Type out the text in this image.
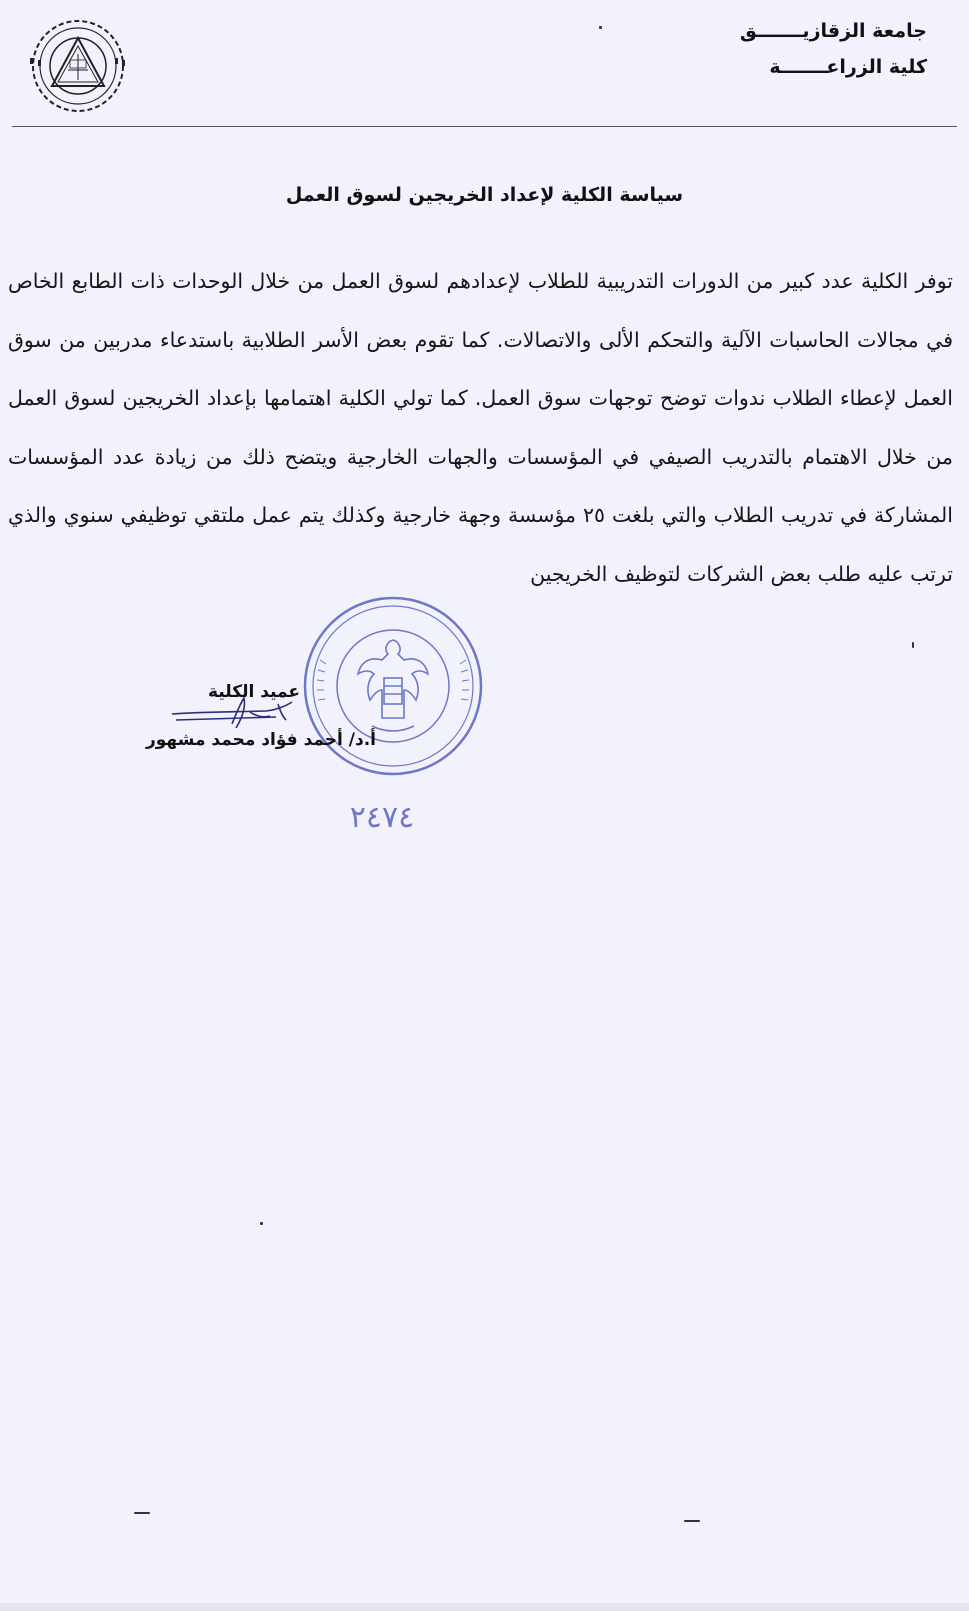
جامعة الزقازيـــــــق
كلية الزراعـــــــة
سياسة الكلية لإعداد الخريجين لسوق العمل

توفر الكلية عدد كبير من الدورات التدريبية للطلاب لإعدادهم لسوق العمل من خلال الوحدات ذات الطابع الخاص في مجالات الحاسبات الآلية والتحكم الألى والاتصالات. كما تقوم بعض الأسر الطلابية باستدعاء مدربين من سوق العمل لإعطاء الطلاب ندوات توضح توجهات سوق العمل. كما تولي الكلية اهتمامها بإعداد الخريجين لسوق العمل من خلال الاهتمام بالتدريب الصيفي في المؤسسات والجهات الخارجية ويتضح ذلك من زيادة عدد المؤسسات المشاركة في تدريب الطلاب والتي بلغت ٢٥ مؤسسة وجهة خارجية وكذلك يتم عمل ملتقي توظيفي سنوي والذي ترتب عليه طلب بعض الشركات لتوظيف الخريجين

عميد الكلية
أ.د/ أحمد فؤاد محمد مشهور
٢٤٧٤
